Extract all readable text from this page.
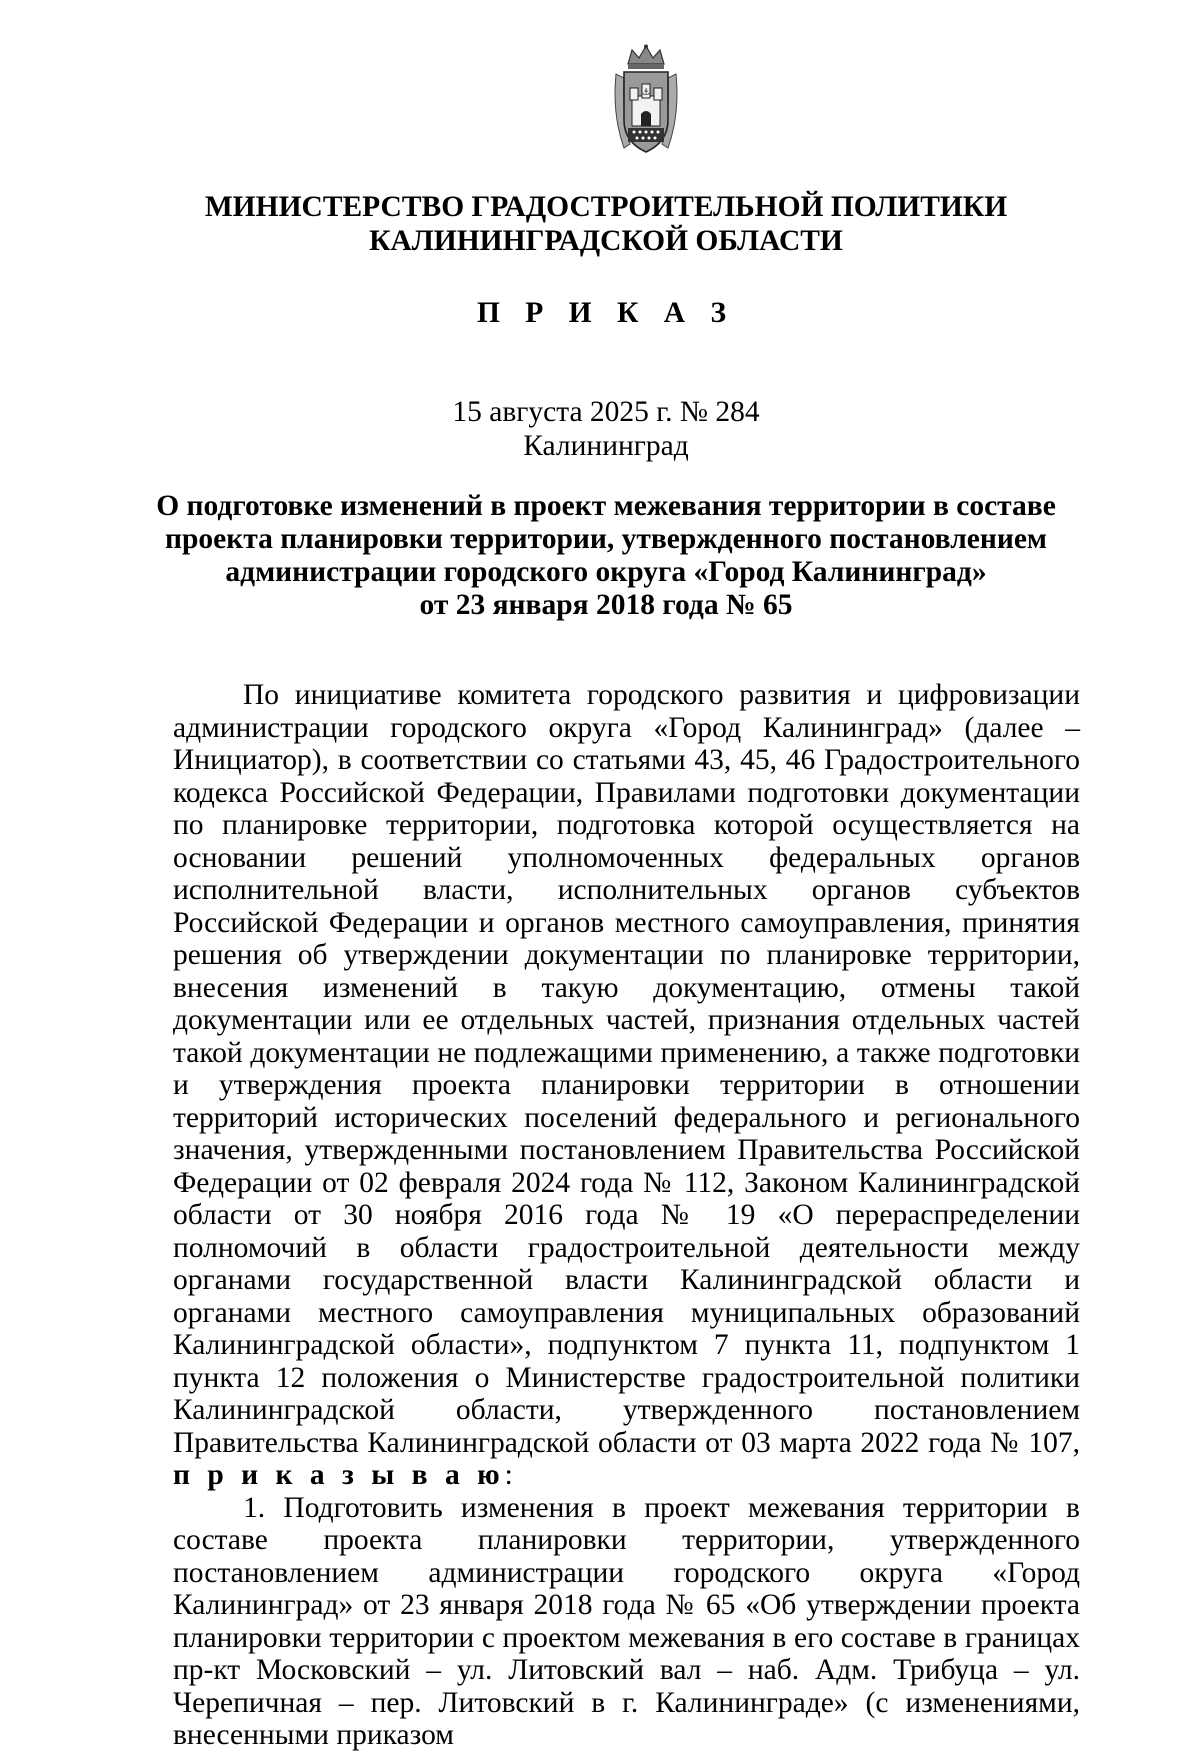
⚓
МИНИСТЕРСТВО ГРАДОСТРОИТЕЛЬНОЙ ПОЛИТИКИ
КАЛИНИНГРАДСКОЙ ОБЛАСТИ
П Р И К А З
15 августа 2025 г. № 284
Калининград
О подготовке изменений в проект межевания территории в составе
проекта планировки территории, утвержденного постановлением
администрации городского округа «Город Калининград»
от 23 января 2018 года № 65

По инициативе комитета городского развития и цифровизации администрации городского округа «Город Калининград» (далее – Инициатор), в соответствии со статьями 43, 45, 46 Градостроительного кодекса Российской Федерации, Правилами подготовки документации по планировке территории, подготовка которой осуществляется на основании решений уполномоченных федеральных органов исполнительной власти, исполнительных органов субъектов Российской Федерации и органов местного самоуправления, принятия решения об утверждении документации по планировке территории, внесения изменений в такую документацию, отмены такой документации или ее отдельных частей, признания отдельных частей такой документации не подлежащими применению, а также подготовки и утверждения проекта планировки территории в отношении территорий исторических поселений федерального и регионального значения, утвержденными постановлением Правительства Российской Федерации от 02 февраля 2024 года № 112, Законом Калининградской области от 30 ноября 2016 года № 19 «О перераспределении полномочий в области градостроительной деятельности между органами государственной власти Калининградской области и органами местного самоуправления муниципальных образований Калининградской области», подпунктом 7 пункта 11, подпунктом 1 пункта 12 положения о Министерстве градостроительной политики Калининградской области, утвержденного постановлением Правительства Калининградской области от 03 марта 2022 года № 107, п р и к а з ы в а ю:

1. Подготовить изменения в проект межевания территории в составе проекта планировки территории, утвержденного постановлением администрации городского округа «Город Калининград» от 23 января 2018 года № 65 «Об утверждении проекта планировки территории с проектом межевания в его составе в границах пр-кт Московский – ул. Литовский вал – наб. Адм. Трибуца – ул. Черепичная – пер. Литовский в г. Калининграде» (с изменениями, внесенными приказом
